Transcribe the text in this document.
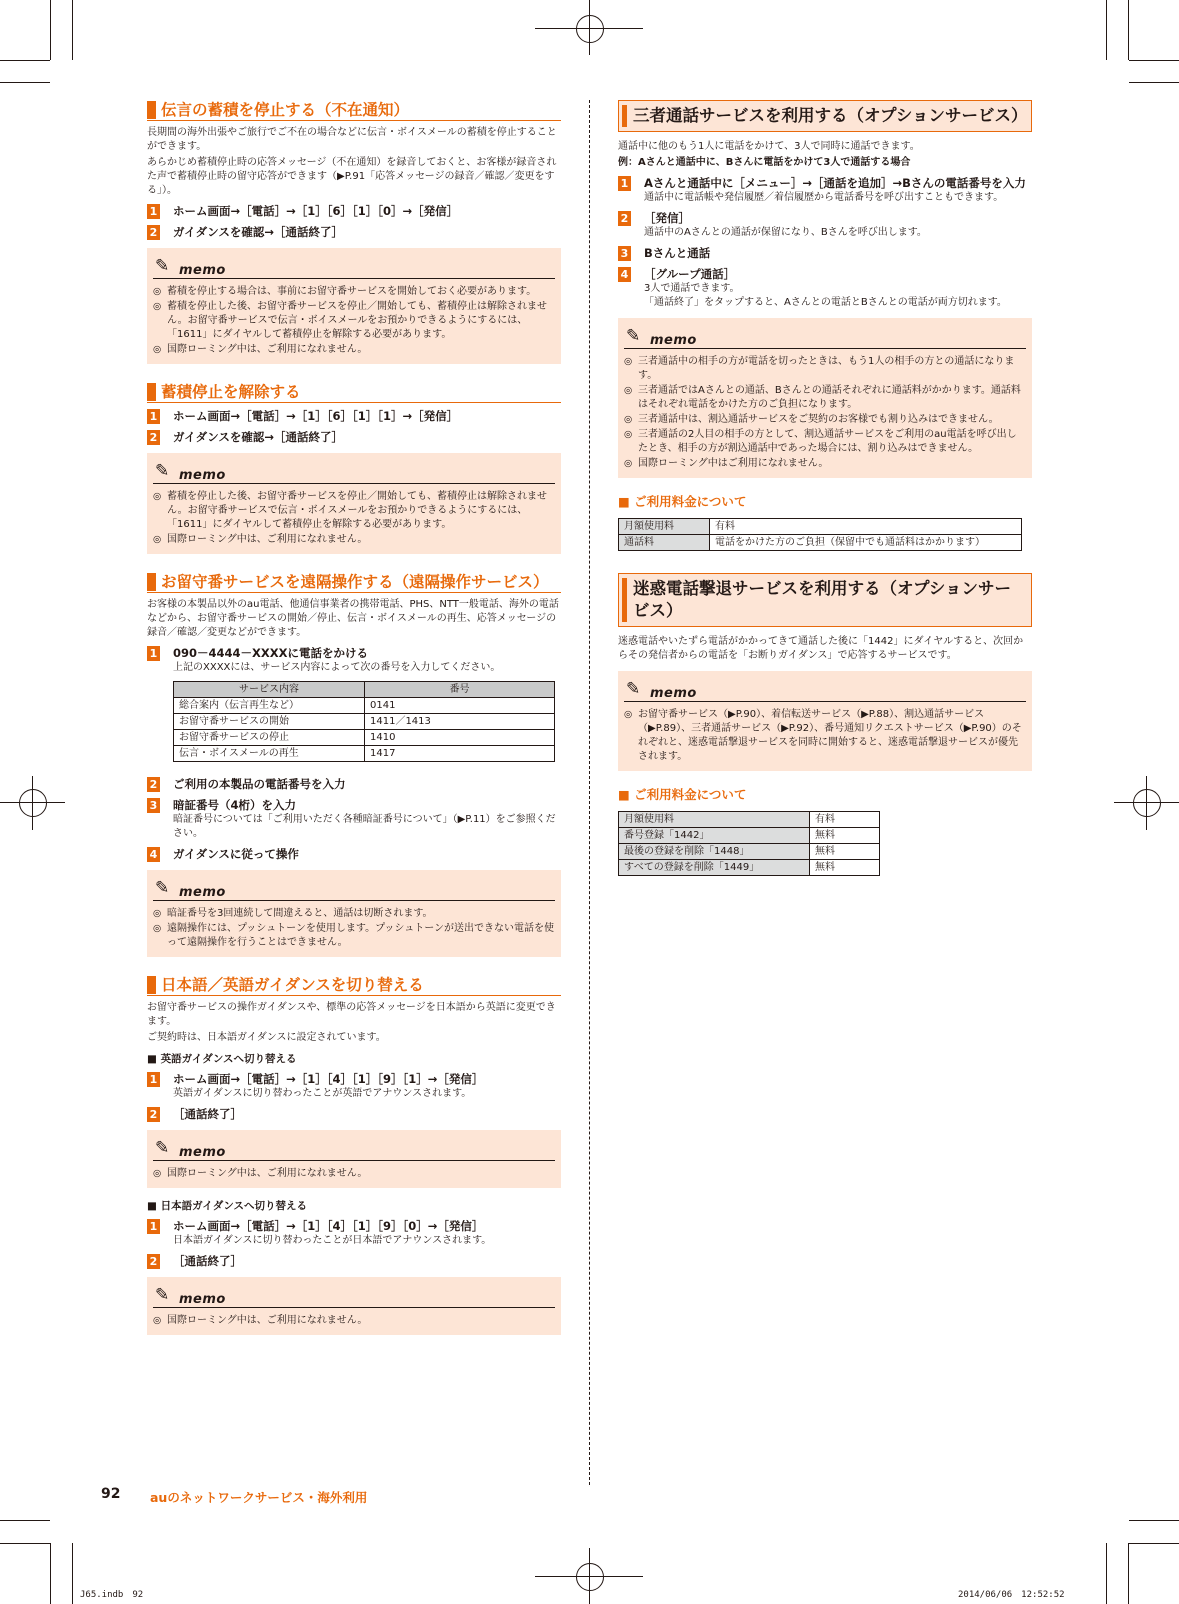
伝言の蓄積を停止する（不在通知）

長期間の海外出張やご旅行でご不在の場合などに伝言・ボイスメールの蓄積を停止することができます。

あらかじめ蓄積停止時の応答メッセージ（不在通知）を録音しておくと、お客様が録音された声で蓄積停止時の留守応答ができます（▶P.91「応答メッセージの録音／確認／変更をする」）。

1 ホーム画面→［電話］→［1］［6］［1］［0］→［発信］
2 ガイダンスを確認→［通話終了］
✎ memo
◎ 蓄積を停止する場合は、事前にお留守番サービスを開始しておく必要があります。
◎ 蓄積を停止した後、お留守番サービスを停止／開始しても、蓄積停止は解除されません。お留守番サービスで伝言・ボイスメールをお預かりできるようにするには、「1611」にダイヤルして蓄積停止を解除する必要があります。
◎ 国際ローミング中は、ご利用になれません。
蓄積停止を解除する
1 ホーム画面→［電話］→［1］［6］［1］［1］→［発信］
2 ガイダンスを確認→［通話終了］
✎ memo
◎ 蓄積を停止した後、お留守番サービスを停止／開始しても、蓄積停止は解除されません。お留守番サービスで伝言・ボイスメールをお預かりできるようにするには、「1611」にダイヤルして蓄積停止を解除する必要があります。
◎ 国際ローミング中は、ご利用になれません。
お留守番サービスを遠隔操作する（遠隔操作サービス）

お客様の本製品以外のau電話、他通信事業者の携帯電話、PHS、NTT一般電話、海外の電話などから、お留守番サービスの開始／停止、伝言・ボイスメールの再生、応答メッセージの録音／確認／変更などができます。

1 090－4444－XXXXに電話をかける
上記のXXXXには、サービス内容によって次の番号を入力してください。
サービス内容	番号
総合案内（伝言再生など）	0141
お留守番サービスの開始	1411／1413
お留守番サービスの停止	1410
伝言・ボイスメールの再生	1417
2 ご利用の本製品の電話番号を入力
3 暗証番号（4桁）を入力
暗証番号については「ご利用いただく各種暗証番号について」（▶P.11）をご参照ください。
4 ガイダンスに従って操作
✎ memo
◎ 暗証番号を3回連続して間違えると、通話は切断されます。
◎ 遠隔操作には、プッシュトーンを使用します。プッシュトーンが送出できない電話を使って遠隔操作を行うことはできません。
日本語／英語ガイダンスを切り替える

お留守番サービスの操作ガイダンスや、標準の応答メッセージを日本語から英語に変更できます。

ご契約時は、日本語ガイダンスに設定されています。

■ 英語ガイダンスへ切り替える
1 ホーム画面→［電話］→［1］［4］［1］［9］［1］→［発信］
英語ガイダンスに切り替わったことが英語でアナウンスされます。
2 ［通話終了］
✎ memo
◎ 国際ローミング中は、ご利用になれません。
■ 日本語ガイダンスへ切り替える
1 ホーム画面→［電話］→［1］［4］［1］［9］［0］→［発信］
日本語ガイダンスに切り替わったことが日本語でアナウンスされます。
2 ［通話終了］
✎ memo
◎ 国際ローミング中は、ご利用になれません。
三者通話サービスを利用する（オプションサービス）

通話中に他のもう1人に電話をかけて、3人で同時に通話できます。

例：Aさんと通話中に、Bさんに電話をかけて3人で通話する場合

1 Aさんと通話中に［メニュー］→［通話を追加］→Bさんの電話番号を入力
通話中に電話帳や発信履歴／着信履歴から電話番号を呼び出すこともできます。
2 ［発信］
通話中のAさんとの通話が保留になり、Bさんを呼び出します。
3 Bさんと通話
4 ［グループ通話］
3人で通話できます。
「通話終了」をタップすると、Aさんとの電話とBさんとの電話が両方切れます。
✎ memo
◎ 三者通話中の相手の方が電話を切ったときは、もう1人の相手の方との通話になります。
◎ 三者通話ではAさんとの通話、Bさんとの通話それぞれに通話料がかかります。通話料はそれぞれ電話をかけた方のご負担になります。
◎ 三者通話中は、割込通話サービスをご契約のお客様でも割り込みはできません。
◎ 三者通話の2人目の相手の方として、割込通話サービスをご利用のau電話を呼び出したとき、相手の方が割込通話中であった場合には、割り込みはできません。
◎ 国際ローミング中はご利用になれません。
■ ご利用料金について
月額使用料	有料
通話料	電話をかけた方のご負担（保留中でも通話料はかかります）
迷惑電話撃退サービスを利用する（オプションサービス）

迷惑電話やいたずら電話がかかってきて通話した後に「1442」にダイヤルすると、次回からその発信者からの電話を「お断りガイダンス」で応答するサービスです。

✎ memo
◎ お留守番サービス（▶P.90）、着信転送サービス（▶P.88）、割込通話サービス（▶P.89）、三者通話サービス（▶P.92）、番号通知リクエストサービス（▶P.90）のそれぞれと、迷惑電話撃退サービスを同時に開始すると、迷惑電話撃退サービスが優先されます。
■ ご利用料金について
月額使用料	有料
番号登録「1442」	無料
最後の登録を削除「1448」	無料
すべての登録を削除「1449」	無料
92 auのネットワークサービス・海外利用
J65.indb　92	2014/06/06　12:52:52
